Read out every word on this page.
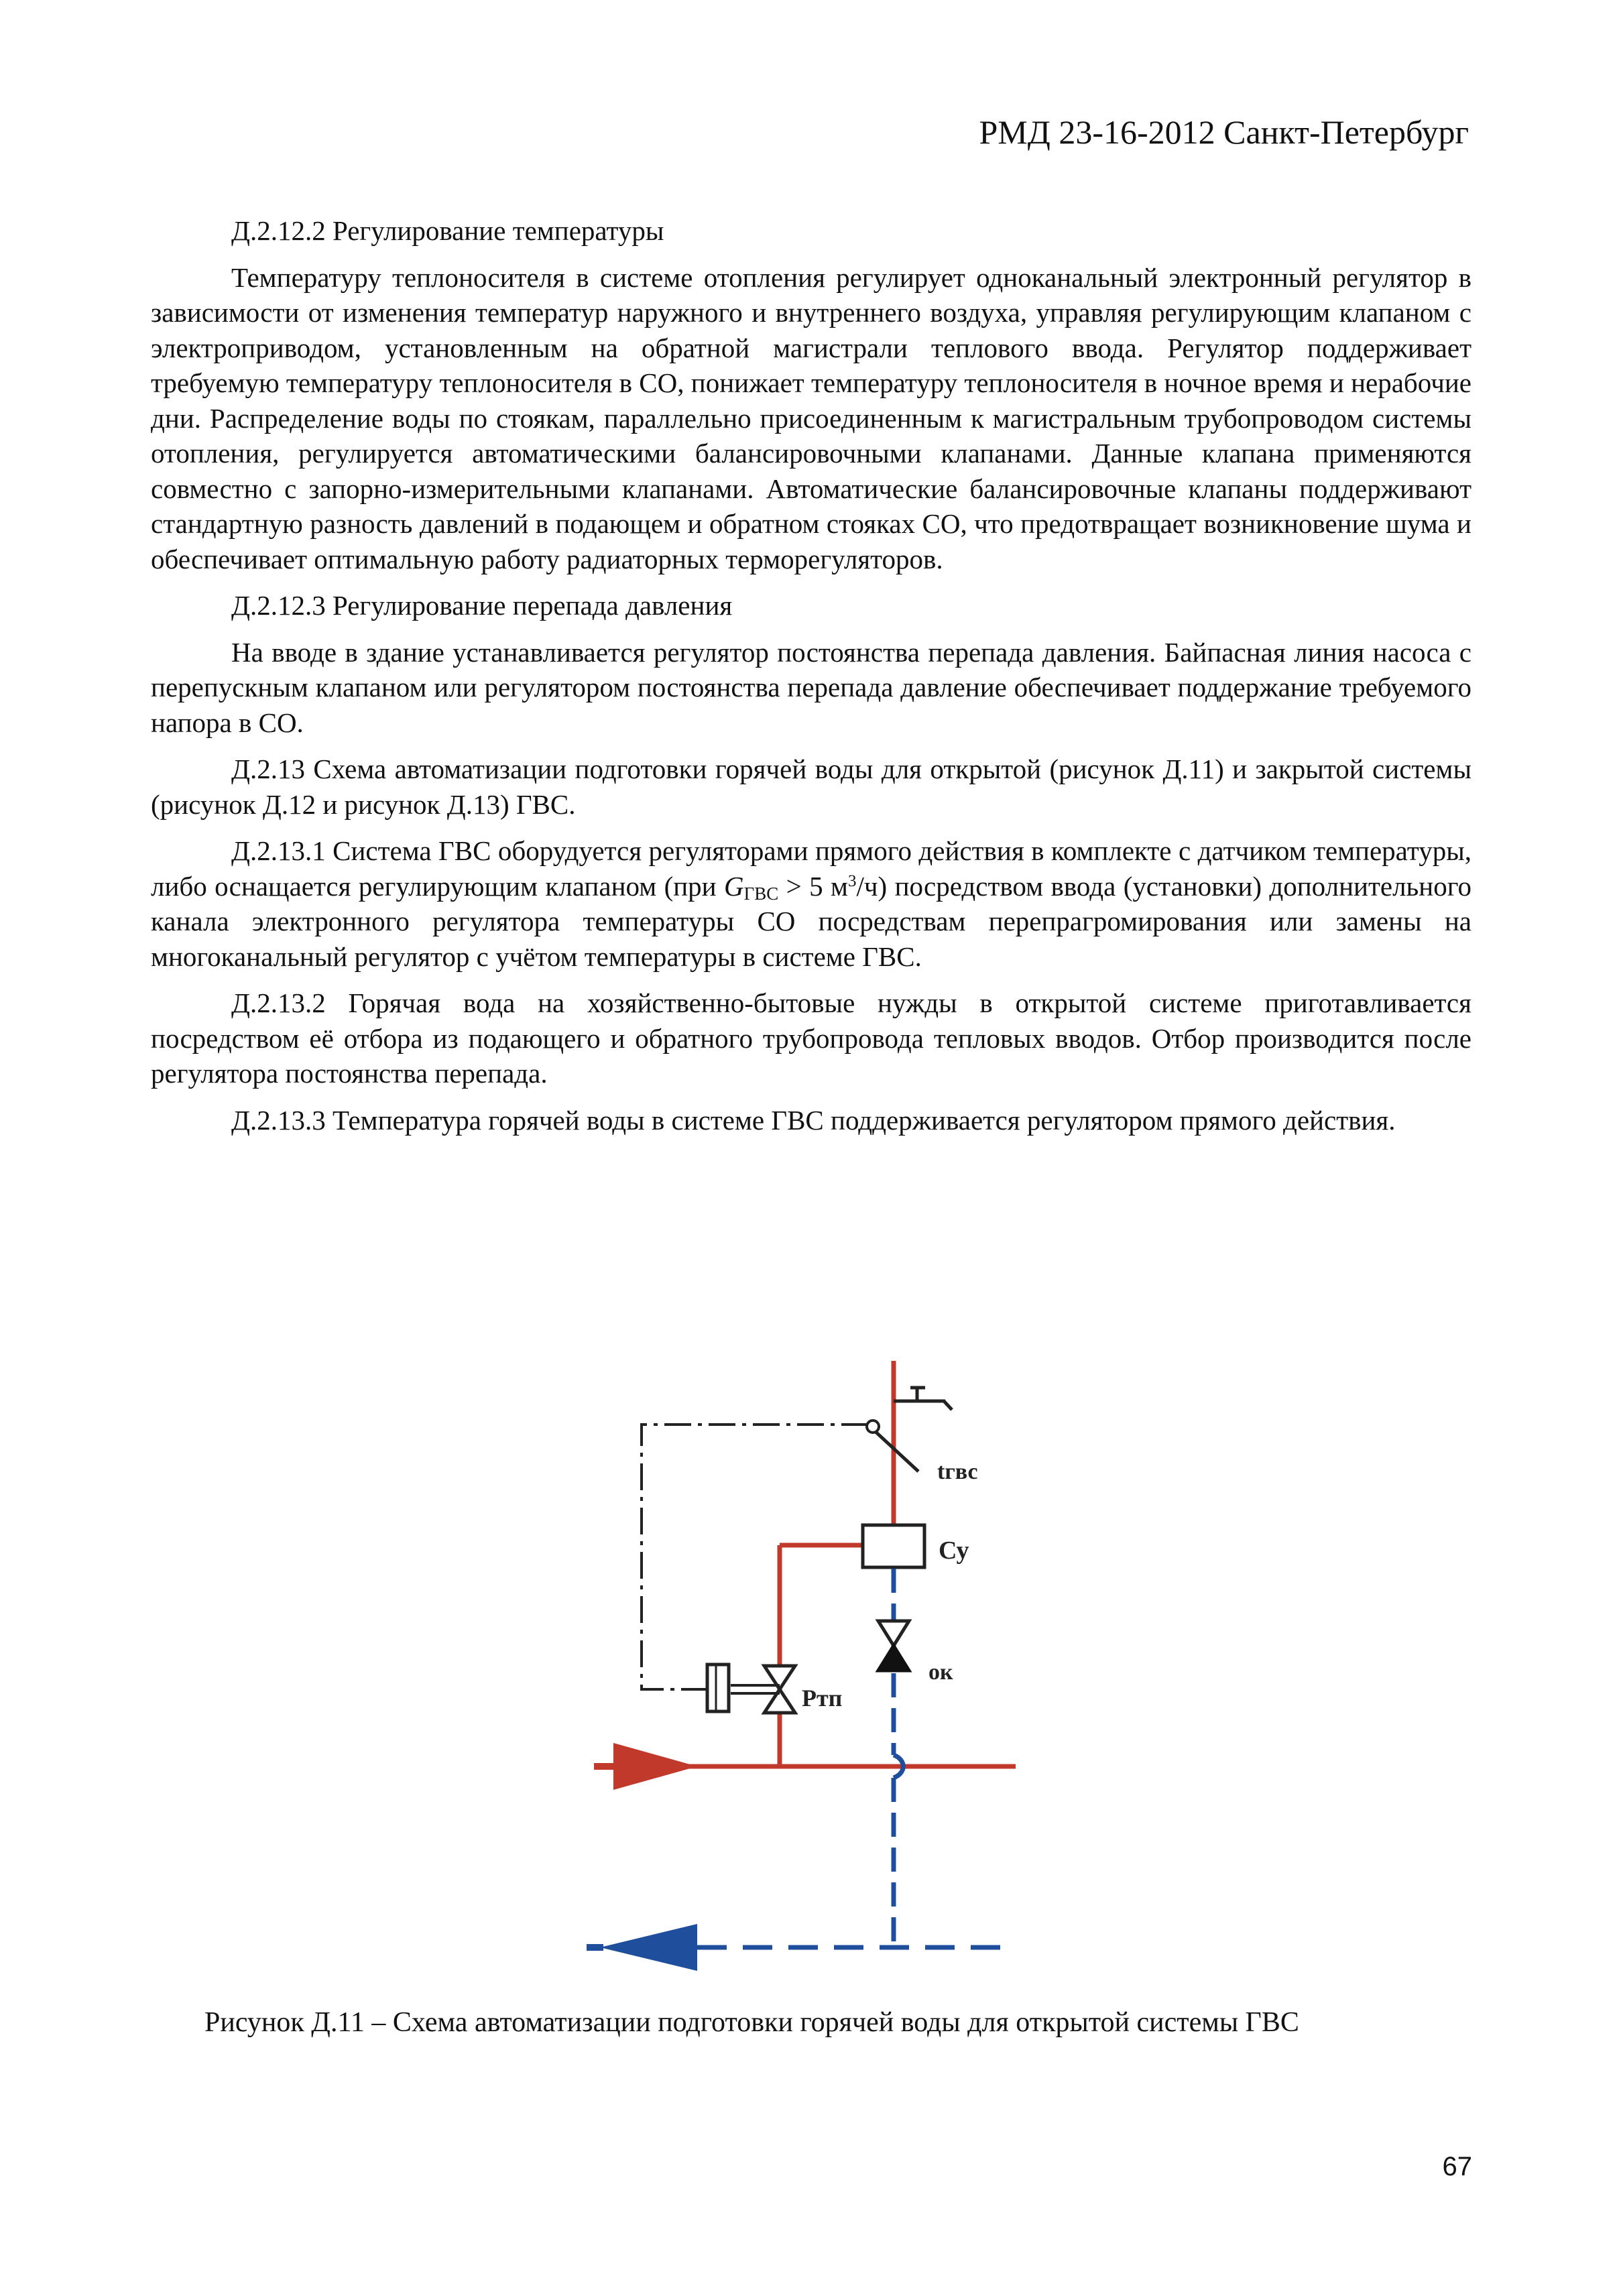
РМД 23-16-2012 Санкт-Петербург

Д.2.12.2 Регулирование температуры

Температуру теплоносителя в системе отопления регулирует одноканальный электронный регулятор в зависимости от изменения температур наружного и внутреннего воздуха, управляя регулирующим клапаном с электроприводом, установленным на обратной магистрали теплового ввода. Регулятор поддерживает требуемую температуру теплоносителя в СО, понижает температуру теплоносителя в ночное время и нерабочие дни. Распределение воды по стоякам, параллельно присоединенным к магистральным трубопроводом системы отопления, регулируется автоматическими балансировочными клапанами. Данные клапана применяются совместно с запорно-измерительными клапанами. Автоматические балансировочные клапаны поддерживают стандартную разность давлений в подающем и обратном стояках СО, что предотвращает возникновение шума и обеспечивает оптимальную работу радиаторных терморегуляторов.

Д.2.12.3 Регулирование перепада давления

На вводе в здание устанавливается регулятор постоянства перепада давления. Байпасная линия насоса с перепускным клапаном или регулятором постоянства перепада давление обеспечивает поддержание требуемого напора в СО.

Д.2.13 Схема автоматизации подготовки горячей воды для открытой (рисунок Д.11) и закрытой системы (рисунок Д.12 и рисунок Д.13) ГВС.

Д.2.13.1 Система ГВС оборудуется регуляторами прямого действия в комплекте с датчиком температуры, либо оснащается регулирующим клапаном (при $G_{ГВС} > 5$ $м^3/ч$) посредством ввода (установки) дополнительного канала электронного регулятора температуры СО посредствам перепрагромирования или замены на многоканальный регулятор с учётом температуры в системе ГВС.

Д.2.13.2 Горячая вода на хозяйственно-бытовые нужды в открытой системе приготавливается посредством её отбора из подающего и обратного трубопровода тепловых вводов. Отбор производится после регулятора постоянства перепада.

Д.2.13.3 Температура горячей воды в системе ГВС поддерживается регулятором прямого действия.

tгвс
Су
ок
Ртп
Рисунок Д.11 – Схема автоматизации подготовки горячей воды для открытой системы ГВС
67
